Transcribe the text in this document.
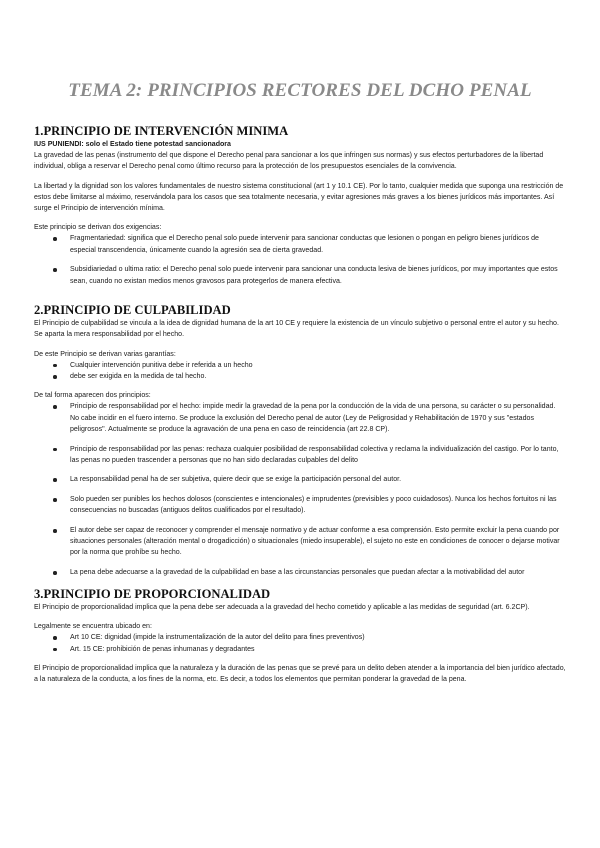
TEMA 2: PRINCIPIOS RECTORES DEL DCHO PENAL
1.PRINCIPIO DE INTERVENCIÓN MINIMA

IUS PUNIENDI: solo el Estado tiene potestad sancionadora

La gravedad de las penas (instrumento del que dispone el Derecho penal para sancionar a los que infringen sus normas) y sus efectos perturbadores de la libertad individual, obliga a reservar el Derecho penal como último recurso para la protección de los presupuestos esenciales de la convivencia.

La libertad y la dignidad son los valores fundamentales de nuestro sistema constitucional (art 1 y 10.1 CE). Por lo tanto, cualquier medida que suponga una restricción de estos debe limitarse al máximo, reservándola para los casos que sea totalmente necesaria, y evitar agresiones más graves a los bienes jurídicos más importantes. Así surge el Principio de intervención mínima.

Este principio se derivan dos exigencias:

Fragmentariedad: significa que el Derecho penal solo puede intervenir para sancionar conductas que lesionen o pongan en peligro bienes jurídicos de especial transcendencia, únicamente cuando la agresión sea de cierta gravedad.
Subsidiariedad o ultima ratio: el Derecho penal solo puede intervenir para sancionar una conducta lesiva de bienes jurídicos, por muy importantes que estos sean, cuando no existan medios menos gravosos para protegerlos de manera efectiva.
2.PRINCIPIO DE CULPABILIDAD

El Principio de culpabilidad se vincula a la idea de dignidad humana de la art 10 CE y requiere la existencia de un vínculo subjetivo o personal entre el autor y su hecho. Se aparta la mera responsabilidad por el hecho.

De este Principio se derivan varias garantías:

Cualquier intervención punitiva debe ir referida a un hecho
debe ser exigida en la medida de tal hecho.

De tal forma aparecen dos principios:

Principio de responsabilidad por el hecho: impide medir la gravedad de la pena por la conducción de la vida de una persona, su carácter o su personalidad. No cabe incidir en el fuero interno. Se produce la exclusión del Derecho penal de autor (Ley de Peligrosidad y Rehabilitación de 1970 y sus "estados peligrosos". Actualmente se produce la agravación de una pena en caso de reincidencia (art 22.8 CP).
Principio de responsabilidad por las penas: rechaza cualquier posibilidad de responsabilidad colectiva y reclama la individualización del castigo. Por lo tanto, las penas no pueden trascender a personas que no han sido declaradas culpables del delito
La responsabilidad penal ha de ser subjetiva, quiere decir que se exige la participación personal del autor.
Solo pueden ser punibles los hechos dolosos (conscientes e intencionales) e imprudentes (previsibles y poco cuidadosos). Nunca los hechos fortuitos ni las consecuencias no buscadas (antiguos delitos cualificados por el resultado).
El autor debe ser capaz de reconocer y comprender el mensaje normativo y de actuar conforme a esa comprensión. Esto permite excluir la pena cuando por situaciones personales (alteración mental o drogadicción) o situacionales (miedo insuperable), el sujeto no este en condiciones de conocer o dejarse motivar por la norma que prohíbe su hecho.
La pena debe adecuarse a la gravedad de la culpabilidad en base a las circunstancias personales que puedan afectar a la motivabilidad del autor
3.PRINCIPIO DE PROPORCIONALIDAD

El Principio de proporcionalidad implica que la pena debe ser adecuada a la gravedad del hecho cometido y aplicable a las medidas de seguridad (art. 6.2CP).

Legalmente se encuentra ubicado en:

Art 10 CE: dignidad (impide la instrumentalización de la autor del delito para fines preventivos)
Art. 15 CE: prohibición de penas inhumanas y degradantes

El Principio de proporcionalidad implica que la naturaleza y la duración de las penas que se prevé para un delito deben atender a la importancia del bien jurídico afectado, a la naturaleza de la conducta, a los fines de la norma, etc. Es decir, a todos los elementos que permitan ponderar la gravedad de la pena.
